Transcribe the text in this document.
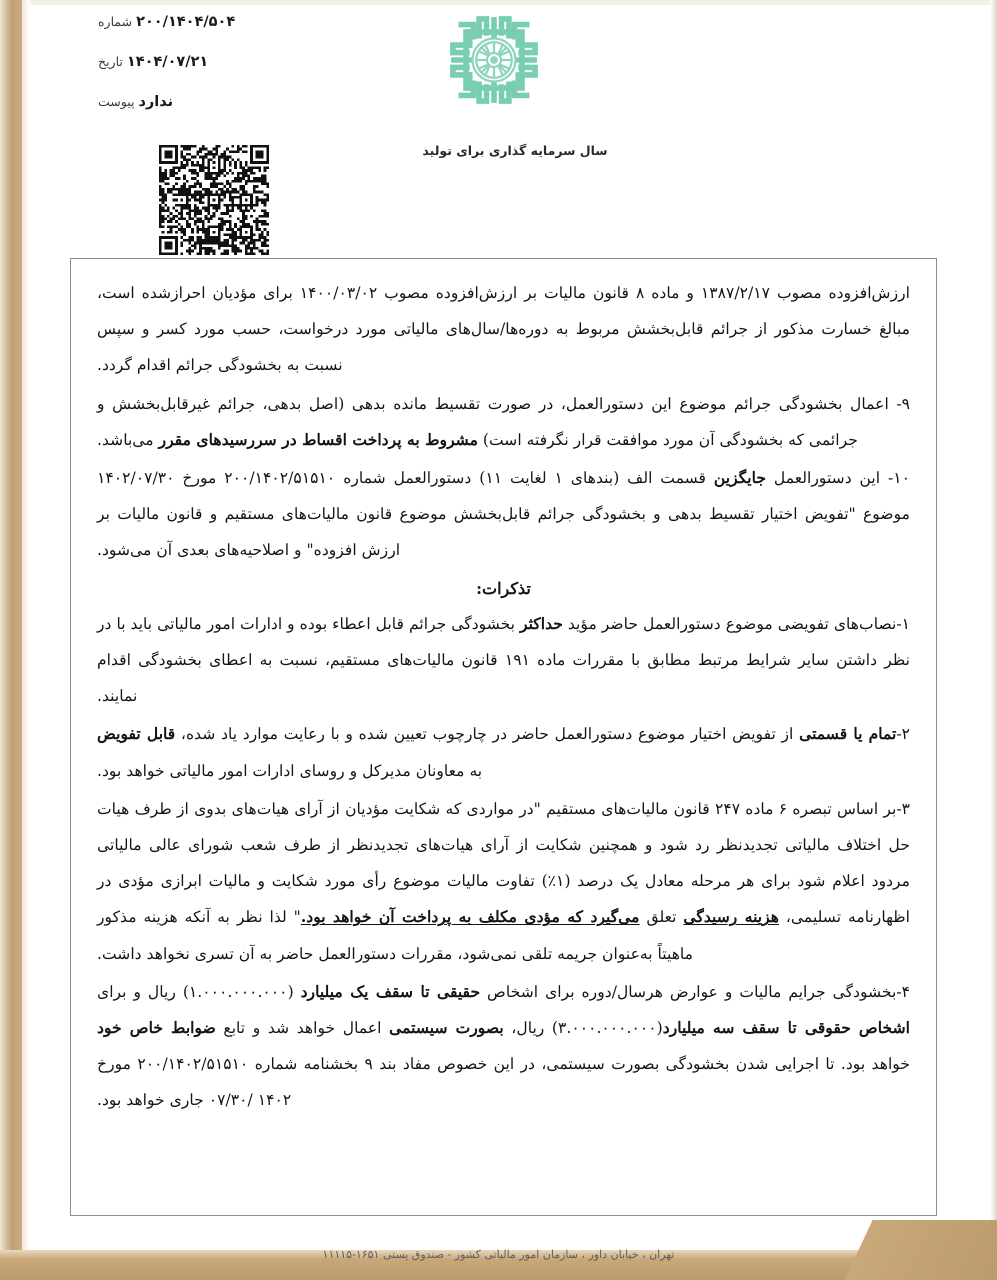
۲۰۰/۱۴۰۴/۵۰۴
شماره
۱۴۰۴/۰۷/۲۱
تاریخ
ندارد
پیوست
سال سرمایه گذاری برای تولید

ارزش‌افزوده مصوب ۱۳۸۷/۲/۱۷ و ماده ۸ قانون مالیات بر ارزش‌افزوده مصوب ۱۴۰۰/۰۳/۰۲ برای مؤدیان احرازشده است، مبالغ خسارت مذکور از جرائم قابل‌بخشش مربوط به دوره‌ها/سال‌های مالیاتی مورد درخواست، حسب مورد کسر و سپس نسبت به بخشودگی جرائم اقدام گردد.

۹- اعمال بخشودگی جرائم موضوع این دستورالعمل، در صورت تقسیط مانده بدهی (اصل بدهی، جرائم غیرقابل‌بخشش و جرائمی که بخشودگی آن مورد موافقت قرار نگرفته است) مشروط به پرداخت اقساط در سررسیدهای مقرر می‌باشد.

۱۰- این دستورالعمل جایگزین قسمت الف (بندهای ۱ لغایت ۱۱) دستورالعمل شماره ۲۰۰/۱۴۰۲/۵۱۵۱۰ مورخ ۱۴۰۲/۰۷/۳۰ موضوع "تفویض اختیار تقسیط بدهی و بخشودگی جرائم قابل‌بخشش موضوع قانون مالیات‌های مستقیم و قانون مالیات بر ارزش افزوده" و اصلاحیه‌های بعدی آن می‌شود.

تذکرات:

۱-نصاب‌های تفویضی موضوع دستورالعمل حاضر مؤید حداکثر بخشودگی جرائم قابل اعطاء بوده و ادارات امور مالیاتی باید با در نظر داشتن سایر شرایط مرتبط مطابق با مقررات ماده ۱۹۱ قانون مالیات‌های مستقیم، نسبت به اعطای بخشودگی اقدام نمایند.

۲-تمام یا قسمتی از تفویض اختیار موضوع دستورالعمل حاضر در چارچوب تعیین شده و با رعایت موارد یاد شده، قابل تفویض به معاونان مدیرکل و روسای ادارات امور مالیاتی خواهد بود.

۳-بر اساس تبصره ۶ ماده ۲۴۷ قانون مالیات‌های مستقیم "در مواردی که شکایت مؤدیان از آرای هیات‌های بدوی از طرف هیات حل اختلاف مالیاتی تجدیدنظر رد شود و همچنین شکایت از آرای هیات‌های تجدیدنظر از طرف شعب شورای عالی مالیاتی مردود اعلام شود برای هر مرحله معادل یک درصد (۱٪) تفاوت مالیات موضوع رأی مورد شکایت و مالیات ابرازی مؤدی در اظهارنامه تسلیمی، هزینه رسیدگی تعلق می‌گیرد که مؤدی مکلف به پرداخت آن خواهد بود." لذا نظر به آنکه هزینه مذکور ماهیتاً به‌عنوان جریمه تلقی نمی‌شود، مقررات دستورالعمل حاضر به آن تسری نخواهد داشت.

۴-بخشودگی جرایم مالیات و عوارض هرسال/دوره برای اشخاص حقیقی تا سقف یک میلیارد (۱.۰۰۰.۰۰۰.۰۰۰) ریال و برای اشخاص حقوقی تا سقف سه میلیارد(۳.۰۰۰.۰۰۰.۰۰۰) ریال، بصورت سیستمی اعمال خواهد شد و تابع ضوابط خاص خود خواهد بود. تا اجرایی شدن بخشودگی بصورت سیستمی، در این خصوص مفاد بند ۹ بخشنامه شماره ۲۰۰/۱۴۰۲/۵۱۵۱۰ مورخ ۱۴۰۲ /۰۷/۳۰ جاری خواهد بود.

تهران ، خیابان داور ، سازمان امور مالیاتی کشور - صندوق پستی ۱۶۵۱-۱۱۱۱۵
